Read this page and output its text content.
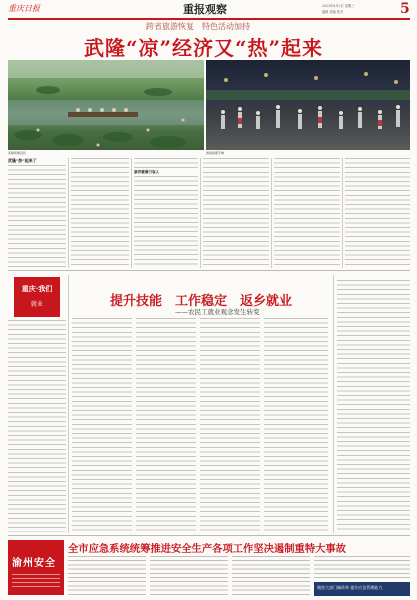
重庆日报	重报观察	2023年8月2日 星期三
编辑 美编 校对	5
跨省旅游恢复　特色活动加持
武隆“凉”经济又“热”起来
武隆荷塘景色	游客跳摆手舞
武隆“热”起来了
康养避暑引客入
重庆·我们
就业	提升技能　工作稳定　返乡就业
——农民工就业观念发生转变
渝州安全
全市应急系统统筹推进安全生产各项工作坚决遏制重特大事故
聚焦大部门制改革 提升应急管理能力
